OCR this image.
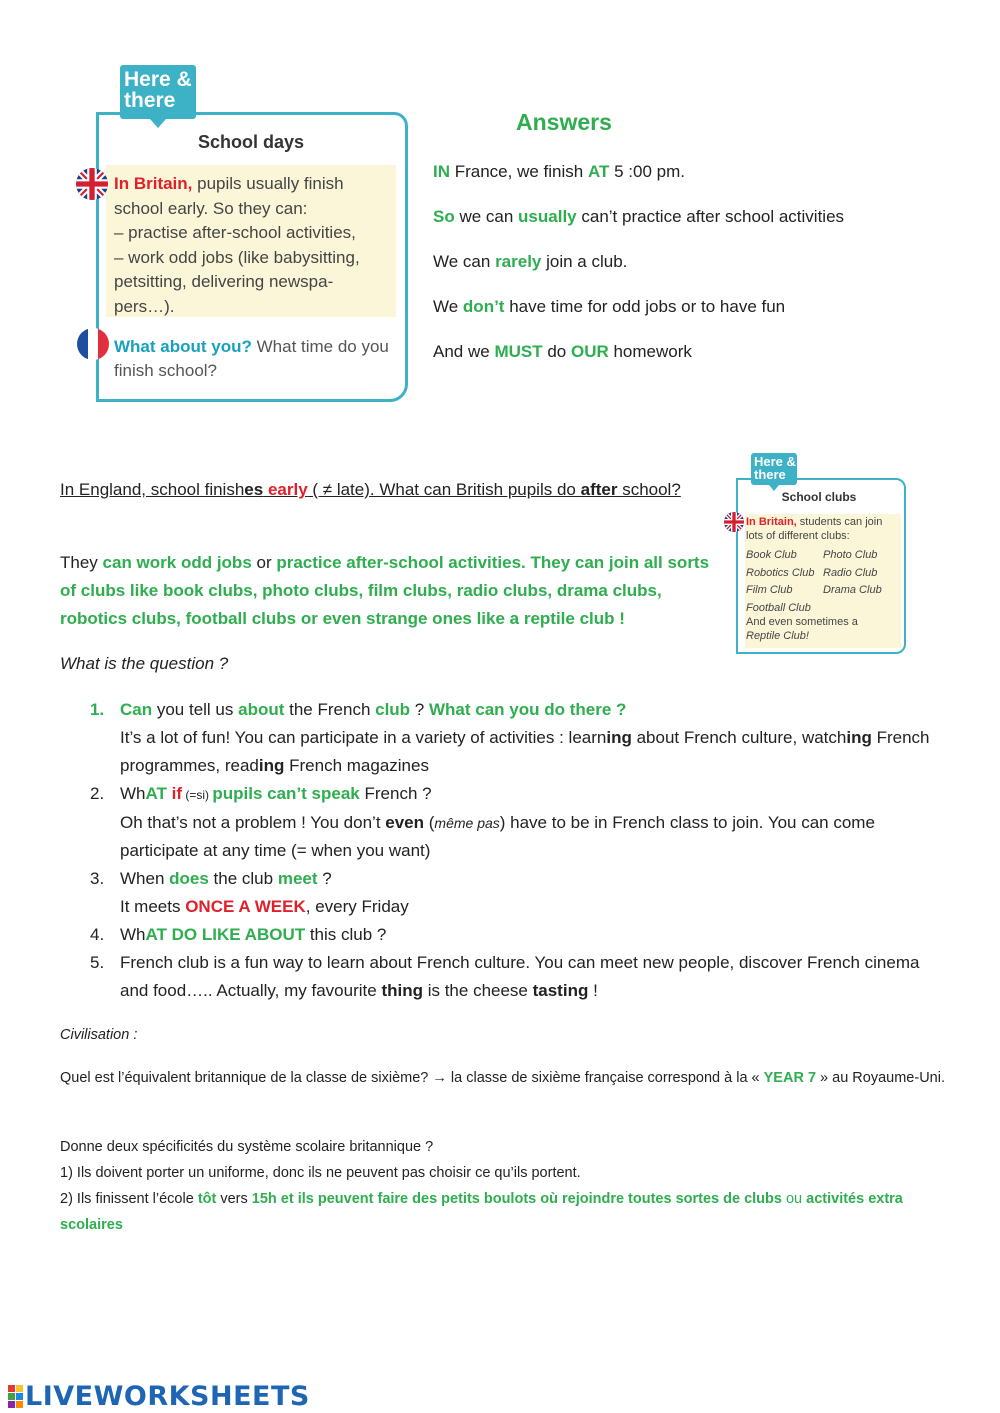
Here &
there
School days
In Britain, pupils usually finish school early. So they can:
– practise after-school activities,
– work odd jobs (like babysitting, petsitting, delivering newspa-pers…).
What about you? What time do you finish school?
Answers
IN France, we finish AT 5 :00 pm.
So we can usually can’t practice after school activities
We can rarely join a club.
We don’t have time for odd jobs or to have fun
And we MUST do OUR homework
Here &
there
School clubs
In Britain, students can join lots of different clubs:
Book Club	Photo Club
Robotics Club Radio Club
Film Club	Drama Club
Football Club
And even sometimes a
Reptile Club!
In England, school finishes early ( ≠ late). What can British pupils do after school?
They can work odd jobs or practice after-school activities. They can join all sorts of clubs like book clubs, photo clubs, film clubs, radio clubs, drama clubs, robotics clubs, football clubs or even strange ones like a reptile club !
What is the question ?
1. Can you tell us about the French club ? What can you do there ?
It’s a lot of fun! You can participate in a variety of activities : learning about French culture, watching French programmes, reading French magazines
2. WhAT if (=si) pupils can’t speak French ?
Oh that’s not a problem ! You don’t even (même pas) have to be in French class to join. You can come participate at any time (= when you want)
3. When does the club meet ?
It meets ONCE A WEEK, every Friday
4. WhAT DO LIKE ABOUT this club ?
5. French club is a fun way to learn about French culture. You can meet new people, discover French cinema and food….. Actually, my favourite thing is the cheese tasting !
Civilisation :
Quel est l’équivalent britannique de la classe de sixième? → la classe de sixième française correspond à la « YEAR 7 » au Royaume-Uni.
Donne deux spécificités du système scolaire britannique ?
1) Ils doivent porter un uniforme, donc ils ne peuvent pas choisir ce qu’ils portent.
2) Ils finissent l’école tôt vers 15h et ils peuvent faire des petits boulots où rejoindre toutes sortes de clubs ou activités extra scolaires
LIVEWORKSHEETS
